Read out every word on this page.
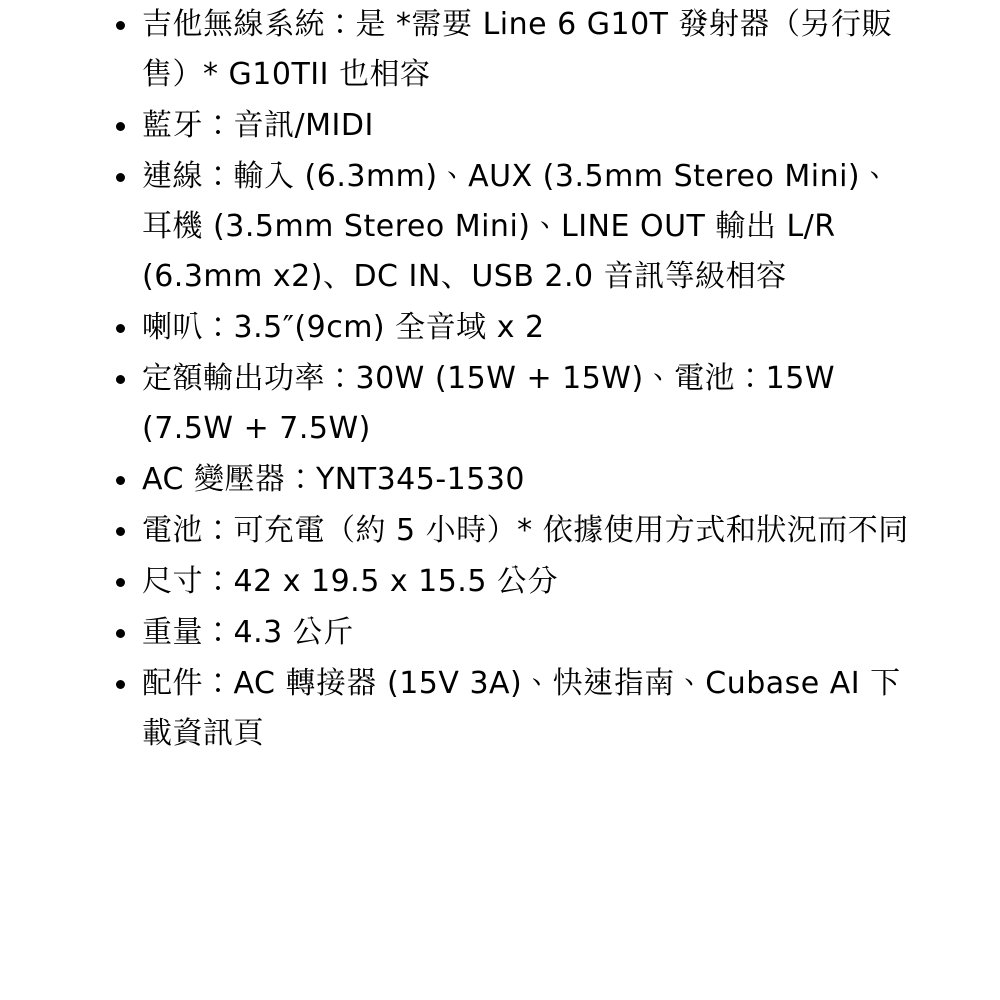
吉他無線系統：是 *需要 Line 6 G10T 發射器（另行販售）* G10TII 也相容
藍牙：音訊/MIDI
連線：輸入 (6.3mm)、AUX (3.5mm Stereo Mini)、耳機 (3.5mm Stereo Mini)、LINE OUT 輸出 L/R (6.3mm x2)、DC IN、USB 2.0 音訊等級相容
喇叭：3.5″(9cm) 全音域 x 2
定額輸出功率：30W (15W + 15W)、電池：15W (7.5W + 7.5W)
AC 變壓器：YNT345-1530
電池：可充電（約 5 小時）* 依據使用方式和狀況而不同
尺寸：42 x 19.5 x 15.5 公分
重量：4.3 公斤
配件：AC 轉接器 (15V 3A)、快速指南、Cubase AI 下載資訊頁
